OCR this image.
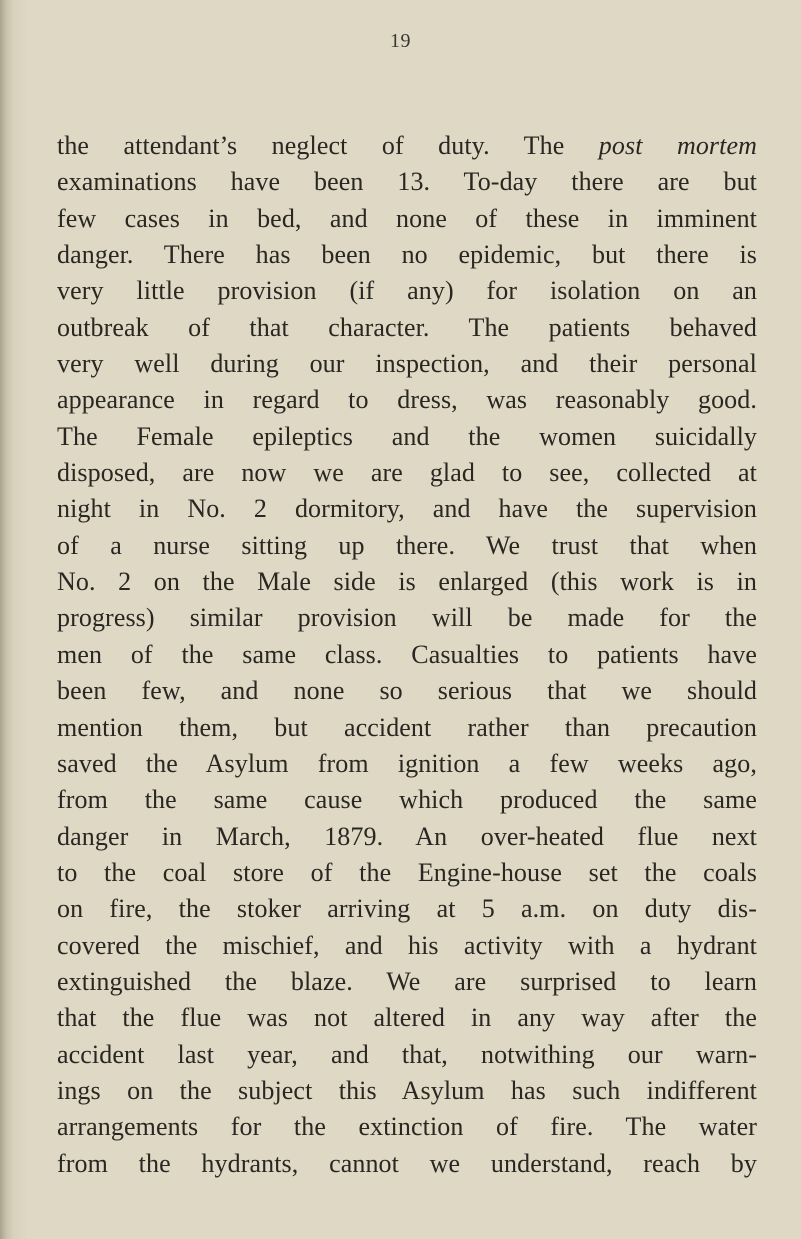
19
the attendant’s neglect of duty. The post mortem
examinations have been 13. To-day there are but
few cases in bed, and none of these in imminent
danger. There has been no epidemic, but there is
very little provision (if any) for isolation on an
outbreak of that character. The patients behaved
very well during our inspection, and their personal
appearance in regard to dress, was reasonably good.
The Female epileptics and the women suicidally
disposed, are now we are glad to see, collected at
night in No. 2 dormitory, and have the supervision
of a nurse sitting up there. We trust that when
No. 2 on the Male side is enlarged (this work is in
progress) similar provision will be made for the
men of the same class. Casualties to patients have
been few, and none so serious that we should
mention them, but accident rather than precaution
saved the Asylum from ignition a few weeks ago,
from the same cause which produced the same
danger in March, 1879. An over-heated flue next
to the coal store of the Engine-house set the coals
on fire, the stoker arriving at 5 a.m. on duty dis-
covered the mischief, and his activity with a hydrant
extinguished the blaze. We are surprised to learn
that the flue was not altered in any way after the
accident last year, and that, notwithing our warn-
ings on the subject this Asylum has such indifferent
arrangements for the extinction of fire. The water
from the hydrants, cannot we understand, reach by
